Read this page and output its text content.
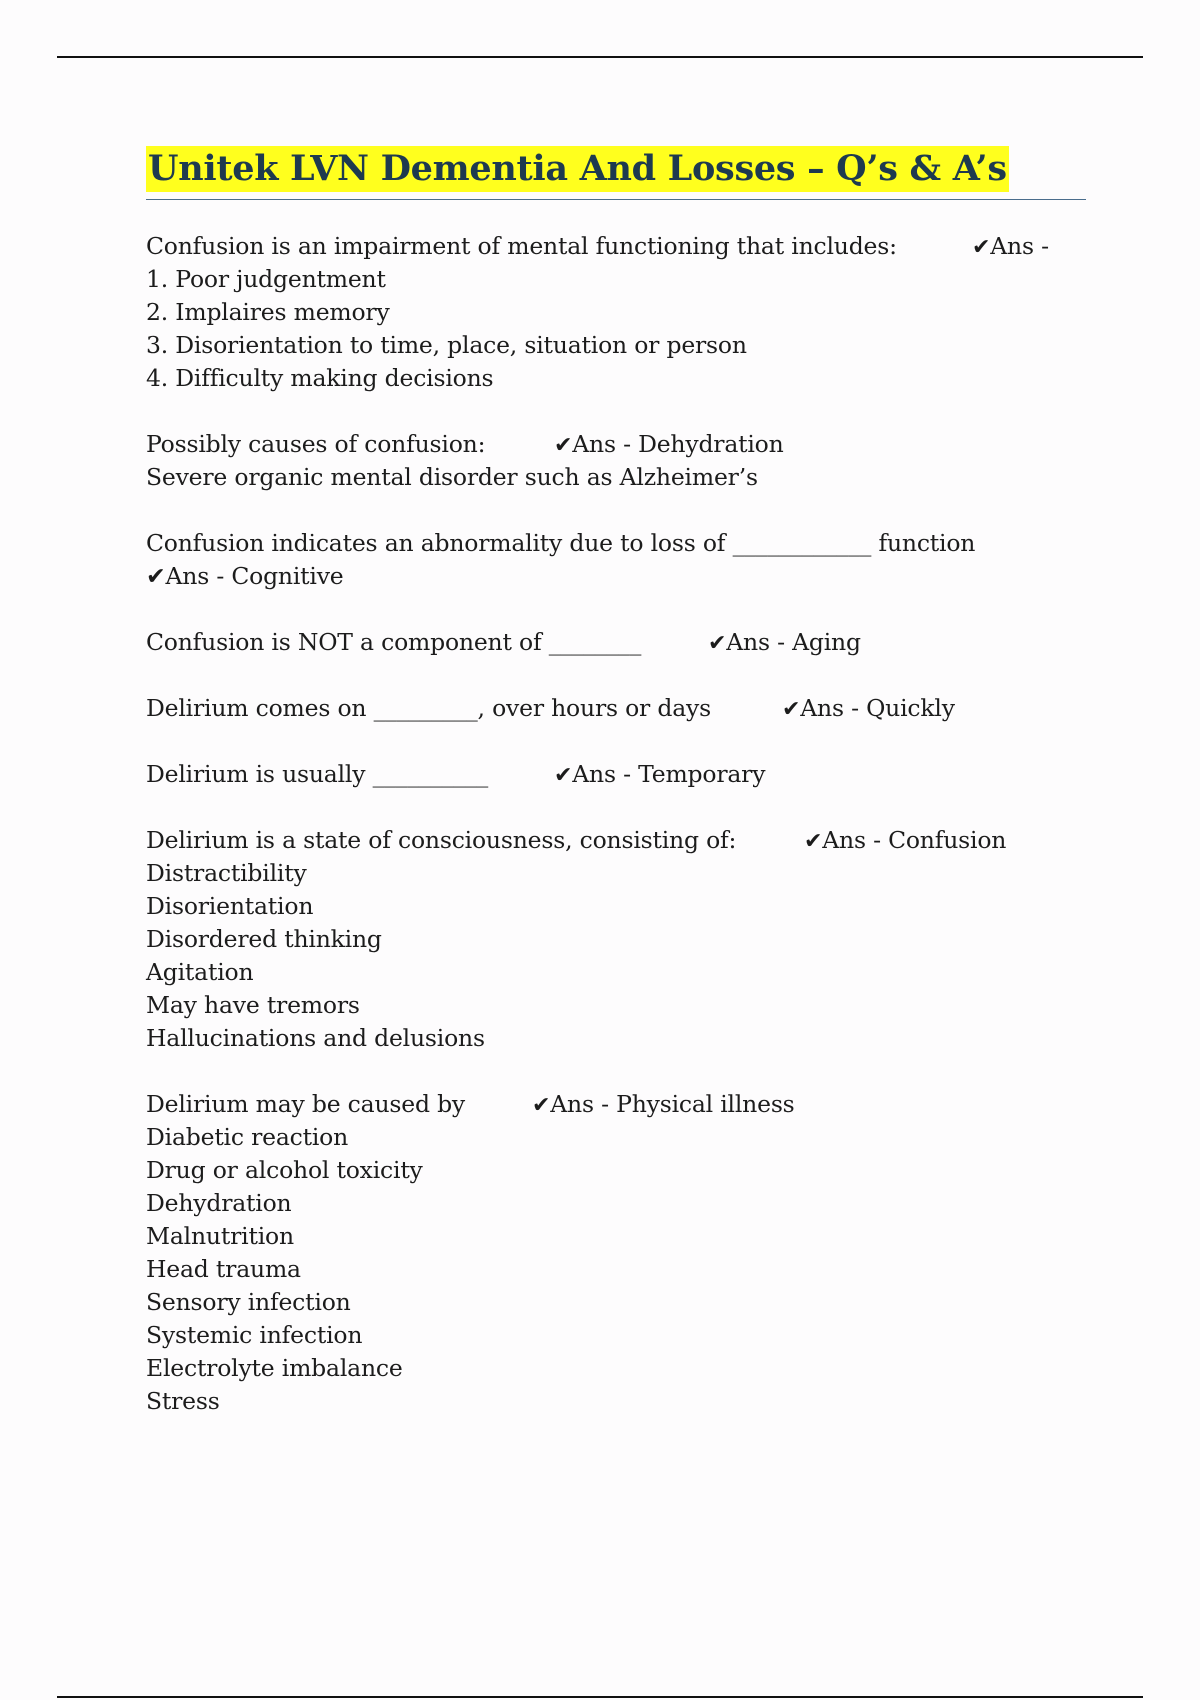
Unitek LVN Dementia And Losses – Q’s & A’s
Confusion is an impairment of mental functioning that includes:	✔Ans -
1. Poor judgentment
2. Implaires memory
3. Disorientation to time, place, situation or person
4. Difficulty making decisions
Possibly causes of confusion:	✔Ans - Dehydration
Severe organic mental disorder such as Alzheimer’s
Confusion indicates an abnormality due to loss of ____________ function
✔Ans - Cognitive
Confusion is NOT a component of ________	✔Ans - Aging
Delirium comes on _________, over hours or days	✔Ans - Quickly
Delirium is usually __________	✔Ans - Temporary
Delirium is a state of consciousness, consisting of:	✔Ans - Confusion
Distractibility
Disorientation
Disordered thinking
Agitation
May have tremors
Hallucinations and delusions
Delirium may be caused by	✔Ans - Physical illness
Diabetic reaction
Drug or alcohol toxicity
Dehydration
Malnutrition
Head trauma
Sensory infection
Systemic infection
Electrolyte imbalance
Stress
